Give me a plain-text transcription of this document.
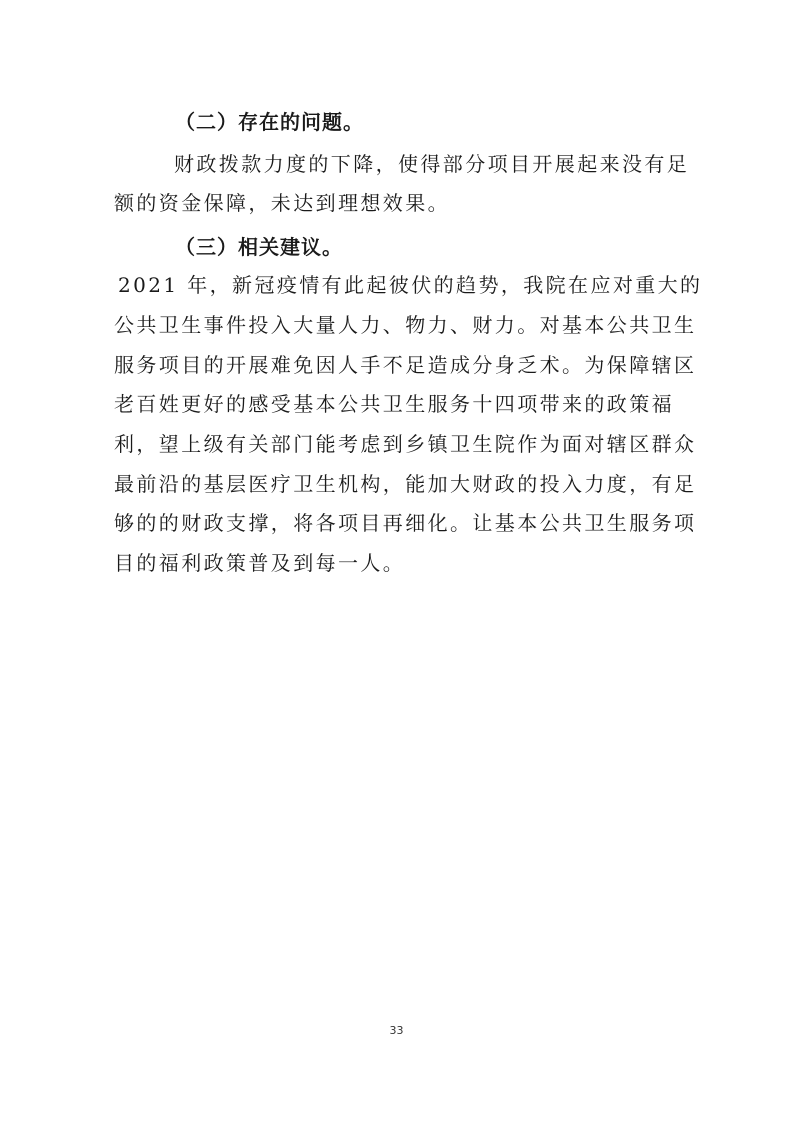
（二）存在的问题。
财政拨款力度的下降，使得部分项目开展起来没有足
额的资金保障，未达到理想效果。
（三）相关建议。
2021 年，新冠疫情有此起彼伏的趋势，我院在应对重大的
公共卫生事件投入大量人力、物力、财力。对基本公共卫生
服务项目的开展难免因人手不足造成分身乏术。为保障辖区
老百姓更好的感受基本公共卫生服务十四项带来的政策福
利，望上级有关部门能考虑到乡镇卫生院作为面对辖区群众
最前沿的基层医疗卫生机构，能加大财政的投入力度，有足
够的的财政支撑，将各项目再细化。让基本公共卫生服务项
目的福利政策普及到每一人。
33
